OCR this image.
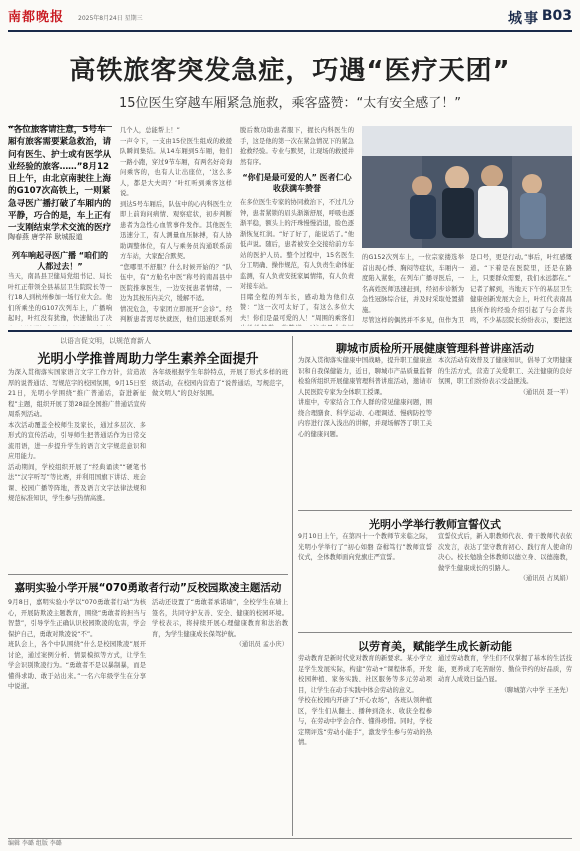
南都晚报 2025年8月24日 星期三	城事 B03
高铁旅客突发急症，巧遇“医疗天团”
15位医生穿越车厢紧急施救，乘客盛赞：“太有安全感了！”
“各位旅客请注意，5号车厢有旅客需要紧急救治，请问有医生、护士或有医学从业经验的旅客……”8月12日上午，由北京南驶往上海的G107次高铁上，一则紧急寻医广播打破了车厢内的平静，巧合的是，车上正有一支刚结束学术交流的医疗
陶春燕 唐学祥 耿城报道
列车响起寻医广播 “咱们的人都过去！”
当天，南昌县卫健局党组书记、局长叶红正带领全县基层卫生院院长等一行18人到杭州参加一场行业大会。他们所乘坐的G107次列车上，广播响起时，叶红没有犹豫，快速做出了决
几个人，总能帮上！”
一声令下，一支由15位医生组成的救援队瞬间集结。从14车厢到5车厢，他们一路小跑，穿过9节车厢，有两名好奇询问乘客的，也有人让出座位，‘这么多人，都是大夫吗？’叶红听到乘客这样说。
到达5号车厢后，队伍中的心内科医生立即上前询问病情、观察症状，初步判断患者为急性心血管事件发作。其他医生迅速分工，有人测量血压脉搏，有人协助调整体位，有人与乘务员沟通联系前方车站，大家配合默契。
“您哪里不舒服？什么时候开始的？”队伍中，有“方舱名中医”称号的南昌县中医院推拿医生，一边安抚患者情绪，一边为其按压内关穴，缓解不适。
情况危急，专家团立即展开“会诊”。经判断患者需尽快就医，他们迅速联系列
脱后数功助患者服下，握长内科医生的手，这是他的第一次在紧急情况下的紧急抢救经验。专业与默契，让现场的救援井然有序。
“你们是最可爱的人” 医者仁心收获满车赞誉
在多位医生专家的协同救治下，不过几分钟，患者紧锁的眉头渐渐舒展，呼吸也逐渐平稳，额头上的汗珠慢慢消退，脸色逐渐恢复红润。“好了好了，能说话了。”他低声说。随后，患者被安全交接给前方车站的医护人员。整个过程中，15名医生分工明确、操作规范，有人负责生命体征监测，有人负责安抚家属情绪，有人负责对接车站。
目睹全程的列车长，感动地为他们点赞：“这一次可太好了，有这么多位大夫！你们是最可爱的人！”周围的乘客们
的G152次列车上，一位宗家搂选举首出现心悸、胸闷等症状，车厢内一度陷入紧张，在列车广播寻医后，一名高姓医师迅速赶到，经初步诊断为急性冠脉综合征，并及时采取处置措施。
尽管这样的偶然并不多见，但作为卫
是口号，更是行动。”事后，叶红感慨道。“下着是在医院里，还是在路上，只要群众需要，我们永远都在。”
记者了解到，当地天下午的基层卫生健康创新发展大会上，叶红代表南昌县所作的经验介绍引起了与会者共鸣，不少基层院长纷纷表示，要把这
以语言促文明，以规范育新人
光明小学推普周助力学生素养全面提升
为深入贯彻落实国家语言文字工作方针，营造浓厚的说普通话、写规范字的校园氛围，9月15日至21日，光明小学围绕“推广普通话，奋进新征程”主题，组织开展了第28届全国推广普通话宣传周系列活动。
本次活动覆盖全校师生及家长，通过多层次、多形式的宣传活动，引导师生把普通话作为日常交流用语，进一步提升学生的语言文字规范意识和应用能力。
活动期间，学校组织开展了“经典诵读”“硬笔书法”“汉字听写”等比赛，并利用国旗下讲话、班会课、校园广播等阵地，普及语言文字法律法规和规范标准知识，学生参与热情高涨。
各年级根据学生年龄特点，开展了形式多样的班级活动，在校园内营造了“说普通话，写规范字，做文明人”的良好氛围。
嘉明实验小学开展“070勇敢者行动”反校园欺凌主题活动
9月8日，嘉明实验小学以“070勇敢者行动”为核心，开展防欺凌主题教育，围绕“勇敢者的担当与智慧”，引导学生正确认识校园欺凌的危害，学会保护自己，勇敢对欺凌说“不”。
班队会上，各个中队围绕“什么是校园欺凌”展开讨论，通过案例分析、情景模拟等方式，让学生学会识别欺凌行为。“勇敢者不是以暴制暴，而是懂得求助、敢于站出来。”一名六年级学生在分享中说道。
活动还设置了“勇敢者承诺墙”，全校学生在墙上签名，共同守护友善、安全、健康的校园环境。学校表示，将持续开展心理健康教育和法治教育，为学生健康成长保驾护航。
（通讯员 孟小庆）
聊城市质检所开展健康管理科普讲座活动
为深入贯彻落实健康中国战略，提升职工健康意识和自我保健能力，近日，聊城市产品质量监督检验所组织开展健康管理科普讲座活动，邀请市人民医院专家为全体职工授课。
讲座中，专家结合工作人群的常见健康问题，围绕合理膳食、科学运动、心理调适、慢病防控等内容进行深入浅出的讲解，并现场解答了职工关心的健康问题。
本次活动有效普及了健康知识，倡导了文明健康的生活方式，营造了关爱职工、关注健康的良好氛围，职工们纷纷表示受益匪浅。
（通讯员 聂一平）
光明小学举行教师宣誓仪式
9月10日上午，在第四十一个教师节来临之际，光明小学举行了“初心如磐 奋楫笃行”教师宣誓仪式，全体教师面向党旗庄严宣誓。
宣誓仪式后，新入职教师代表、骨干教师代表依次发言，表达了坚守教育初心、践行育人使命的决心。校长勉励全体教师以德立身、以德施教，做学生健康成长的引路人。
（通讯员 占凤娟）
以劳育美，赋能学生成长新动能
劳动教育是新时代党对教育的新要求。某小学立足学生发展实际，构建“劳动+”课程体系，开发校园种植、家务实践、社区服务等多元劳动项目，让学生在动手实践中体会劳动的意义。
学校在校园内开辟了“开心农场”，各班认领种植区，学生们从翻土、播种到浇水、收获全程参与，在劳动中学会合作、懂得珍惜。同时，学校定期评选“劳动小能手”，激发学生参与劳动的热情。
通过劳动教育，学生们不仅掌握了基本的生活技能，更养成了吃苦耐劳、勤俭节约的好品质，劳动育人成效日益凸显。
（聊城第六中学 王圣先）
编辑 李璐 组版 李璐
